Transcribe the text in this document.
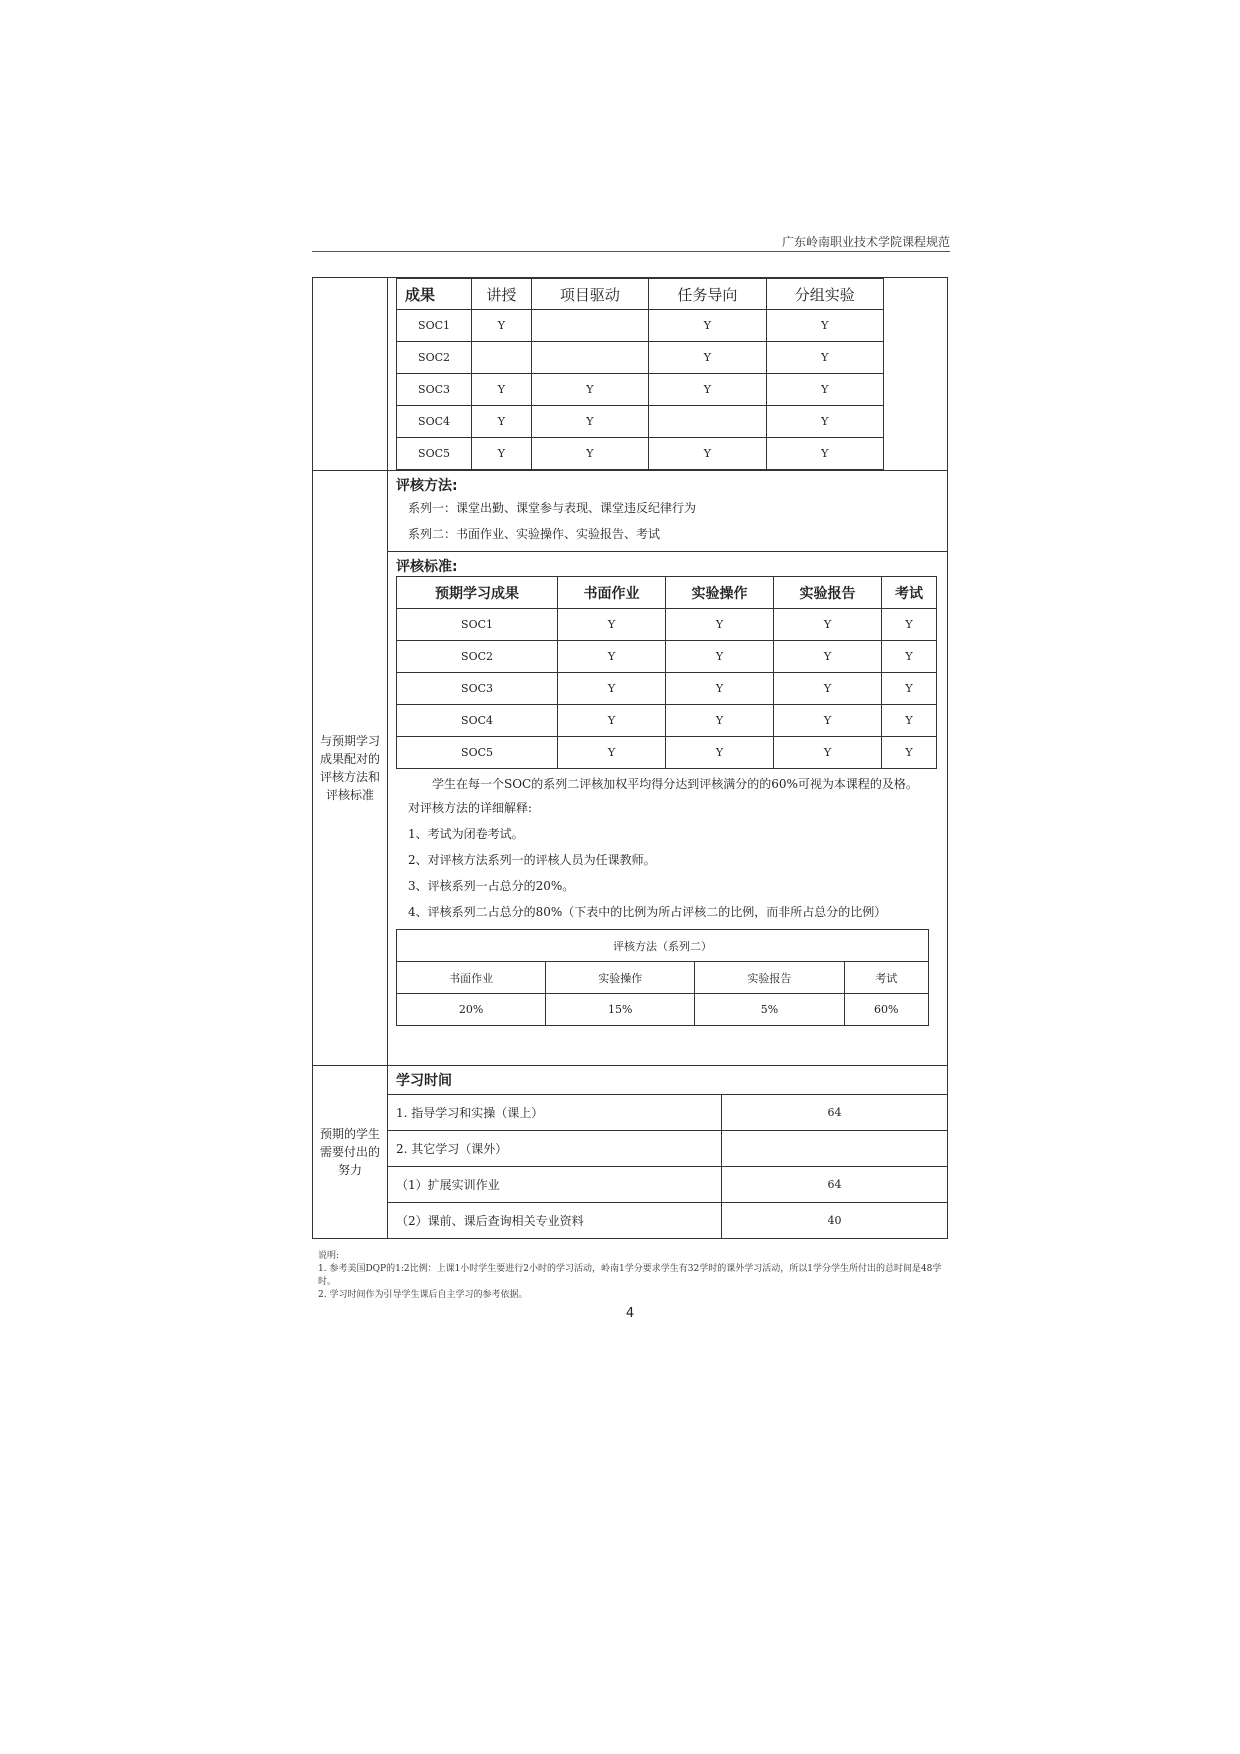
广东岭南职业技术学院课程规范

成果	讲授	项目驱动	任务导向	分组实验
SOC1	Y		Y	Y
SOC2			Y	Y
SOC3	Y	Y	Y	Y
SOC4	Y	Y		Y
SOC5	Y	Y	Y	Y

与预期学习成果配对的评核方法和评核标准	
评核方法:
系列一：课堂出勤、课堂参与表现、课堂违反纪律行为
系列二：书面作业、实验操作、实验报告、考试
评核标准:
预期学习成果	书面作业	实验操作	实验报告	考试
SOC1	Y	Y	Y	Y
SOC2	Y	Y	Y	Y
SOC3	Y	Y	Y	Y
SOC4	Y	Y	Y	Y
SOC5	Y	Y	Y	Y
学生在每一个SOC的系列二评核加权平均得分达到评核满分的的60%可视为本课程的及格。
对评核方法的详细解释:
1、考试为闭卷考试。
2、对评核方法系列一的评核人员为任课教师。
3、评核系列一占总分的20%。
4、评核系列二占总分的80%（下表中的比例为所占评核二的比例，而非所占总分的比例）
评核方法（系列二）
书面作业	实验操作	实验报告	考试
20%	15%	5%	60%

预期的学生需要付出的努力	
学习时间
1. 指导学习和实操（课上）	64
2. 其它学习（课外）	
（1）扩展实训作业	64
（2）课前、课后查询相关专业资料	40
说明:
1. 参考美国DQP的1:2比例：上课1小时学生要进行2小时的学习活动，岭南1学分要求学生有32学时的课外学习活动，所以1学分学生所付出的总时间是48学时。
2. 学习时间作为引导学生课后自主学习的参考依据。
4
